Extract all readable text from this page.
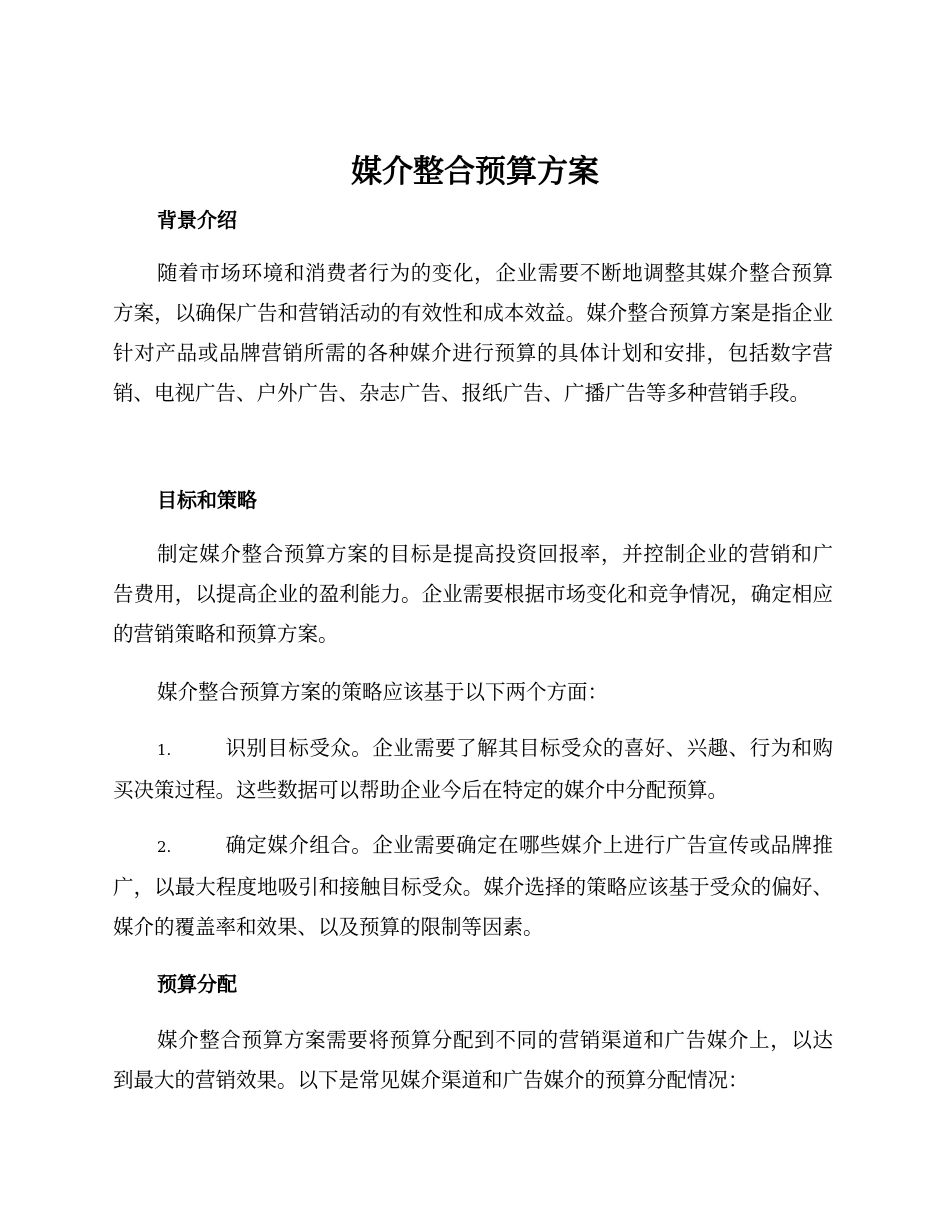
媒介整合预算方案
背景介绍

随着市场环境和消费者行为的变化，企业需要不断地调整其媒介整合预算方案，以确保广告和营销活动的有效性和成本效益。媒介整合预算方案是指企业针对产品或品牌营销所需的各种媒介进行预算的具体计划和安排，包括数字营销、电视广告、户外广告、杂志广告、报纸广告、广播广告等多种营销手段。

目标和策略

制定媒介整合预算方案的目标是提高投资回报率，并控制企业的营销和广告费用，以提高企业的盈利能力。企业需要根据市场变化和竞争情况，确定相应的营销策略和预算方案。

媒介整合预算方案的策略应该基于以下两个方面：

1.	识别目标受众。企业需要了解其目标受众的喜好、兴趣、行为和购买决策过程。这些数据可以帮助企业今后在特定的媒介中分配预算。

2.	确定媒介组合。企业需要确定在哪些媒介上进行广告宣传或品牌推广，以最大程度地吸引和接触目标受众。媒介选择的策略应该基于受众的偏好、媒介的覆盖率和效果、以及预算的限制等因素。

预算分配

媒介整合预算方案需要将预算分配到不同的营销渠道和广告媒介上，以达到最大的营销效果。以下是常见媒介渠道和广告媒介的预算分配情况：
